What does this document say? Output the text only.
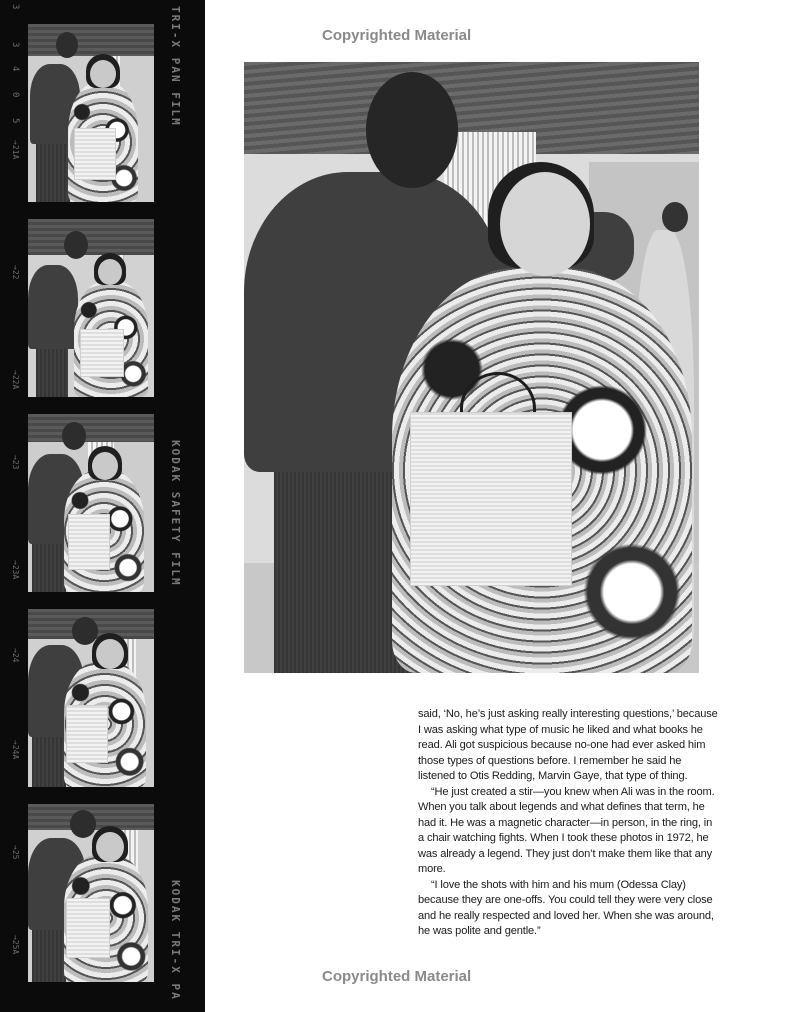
3
3
4
0
5
→21A
→22
→22A
→23
→23A
→24
→24A
→25
→25A
TRI-X PAN FILM
KODAK SAFETY FILM
KODAK TRI-X PA
Copyrighted Material

said, ‘No, he’s just asking really interesting questions,’ because I was asking what type of music he liked and what books he read. Ali got suspicious because no-one had ever asked him those types of questions before. I remember he said he listened to Otis Redding, Marvin Gaye, that type of thing.

“He just created a stir—you knew when Ali was in the room. When you talk about legends and what defines that term, he had it. He was a magnetic character—in person, in the ring, in a chair watching fights. When I took these photos in 1972, he was already a legend. They just don’t make them like that any more.

“I love the shots with him and his mum (Odessa Clay) because they are one-offs. You could tell they were very close and he really respected and loved her. When she was around, he was polite and gentle.”

Copyrighted Material
